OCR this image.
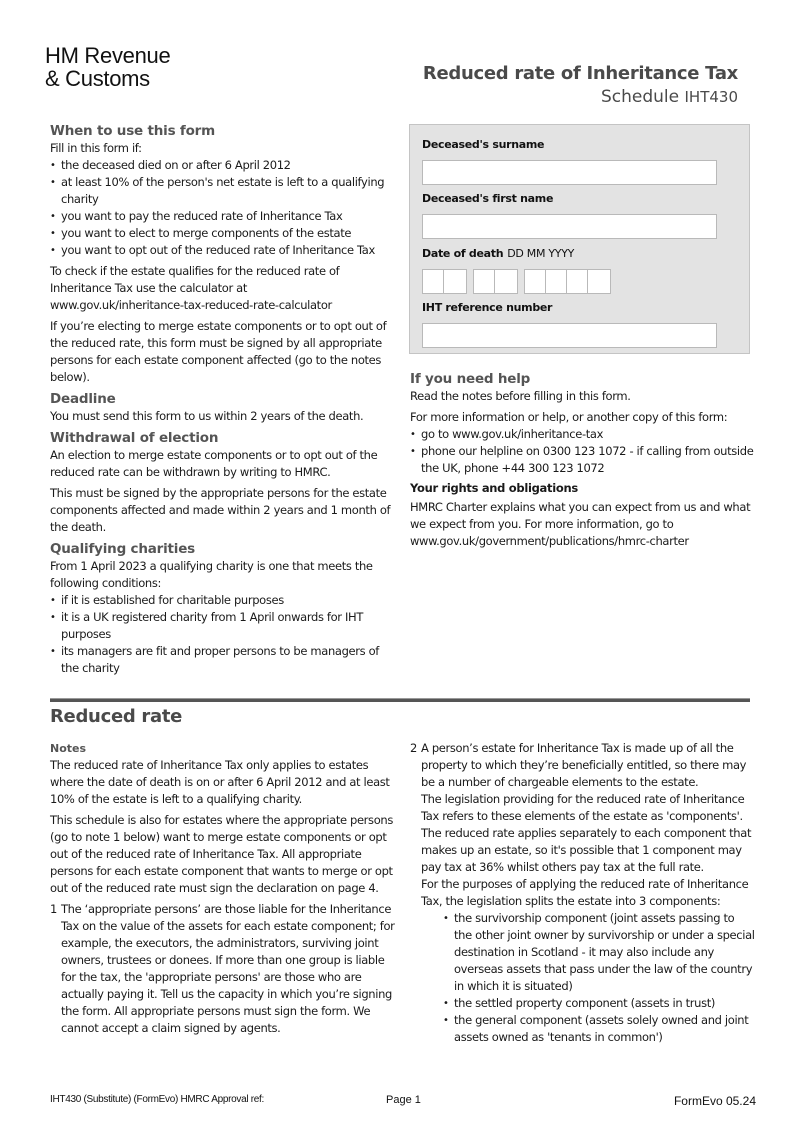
HM Revenue
& Customs	Reduced rate of Inheritance Tax
Schedule IHT430
When to use this form

Fill in this form if:

• the deceased died on or after 6 April 2012
• at least 10% of the person's net estate is left to a qualifying charity
• you want to pay the reduced rate of Inheritance Tax
• you want to elect to merge components of the estate
• you want to opt out of the reduced rate of Inheritance Tax

To check if the estate qualifies for the reduced rate of Inheritance Tax use the calculator at
www.gov.uk/inheritance-tax-reduced-rate-calculator

If you’re electing to merge estate components or to opt out of the reduced rate, this form must be signed by all appropriate persons for each estate component affected (go to the notes below).

Deadline

You must send this form to us within 2 years of the death.

Withdrawal of election

An election to merge estate components or to opt out of the reduced rate can be withdrawn by writing to HMRC.

This must be signed by the appropriate persons for the estate components affected and made within 2 years and 1 month of the death.

Qualifying charities

From 1 April 2023 a qualifying charity is one that meets the following conditions:

• if it is established for charitable purposes
• it is a UK registered charity from 1 April onwards for IHT purposes
• its managers are fit and proper persons to be managers of the charity
Deceased's surname
Deceased's first name
Date of death DD MM YYYY
IHT reference number
If you need help

Read the notes before filling in this form.

For more information or help, or another copy of this form:

• go to www.gov.uk/inheritance-tax
• phone our helpline on 0300 123 1072 - if calling from outside the UK, phone +44 300 123 1072
Your rights and obligations

HMRC Charter explains what you can expect from us and what we expect from you. For more information, go to
www.gov.uk/government/publications/hmrc-charter

Reduced rate
Notes

The reduced rate of Inheritance Tax only applies to estates where the date of death is on or after 6 April 2012 and at least 10% of the estate is left to a qualifying charity.

This schedule is also for estates where the appropriate persons (go to note 1 below) want to merge estate components or opt out of the reduced rate of Inheritance Tax. All appropriate persons for each estate component that wants to merge or opt out of the reduced rate must sign the declaration on page 4.

1 The ‘appropriate persons’ are those liable for the Inheritance Tax on the value of the assets for each estate component; for example, the executors, the administrators, surviving joint owners, trustees or donees. If more than one group is liable for the tax, the 'appropriate persons' are those who are actually paying it. Tell us the capacity in which you’re signing the form. All appropriate persons must sign the form. We cannot accept a claim signed by agents.

2 A person’s estate for Inheritance Tax is made up of all the property to which they’re beneficially entitled, so there may be a number of chargeable elements to the estate.

The legislation providing for the reduced rate of Inheritance Tax refers to these elements of the estate as 'components'.

The reduced rate applies separately to each component that makes up an estate, so it's possible that 1 component may pay tax at 36% whilst others pay tax at the full rate.

For the purposes of applying the reduced rate of Inheritance Tax, the legislation splits the estate into 3 components:

• the survivorship component (joint assets passing to the other joint owner by survivorship or under a special destination in Scotland - it may also include any overseas assets that pass under the law of the country in which it is situated)
• the settled property component (assets in trust)
• the general component (assets solely owned and joint assets owned as 'tenants in common')
IHT430 (Substitute) (FormEvo) HMRC Approval ref:	Page 1	FormEvo 05.24
